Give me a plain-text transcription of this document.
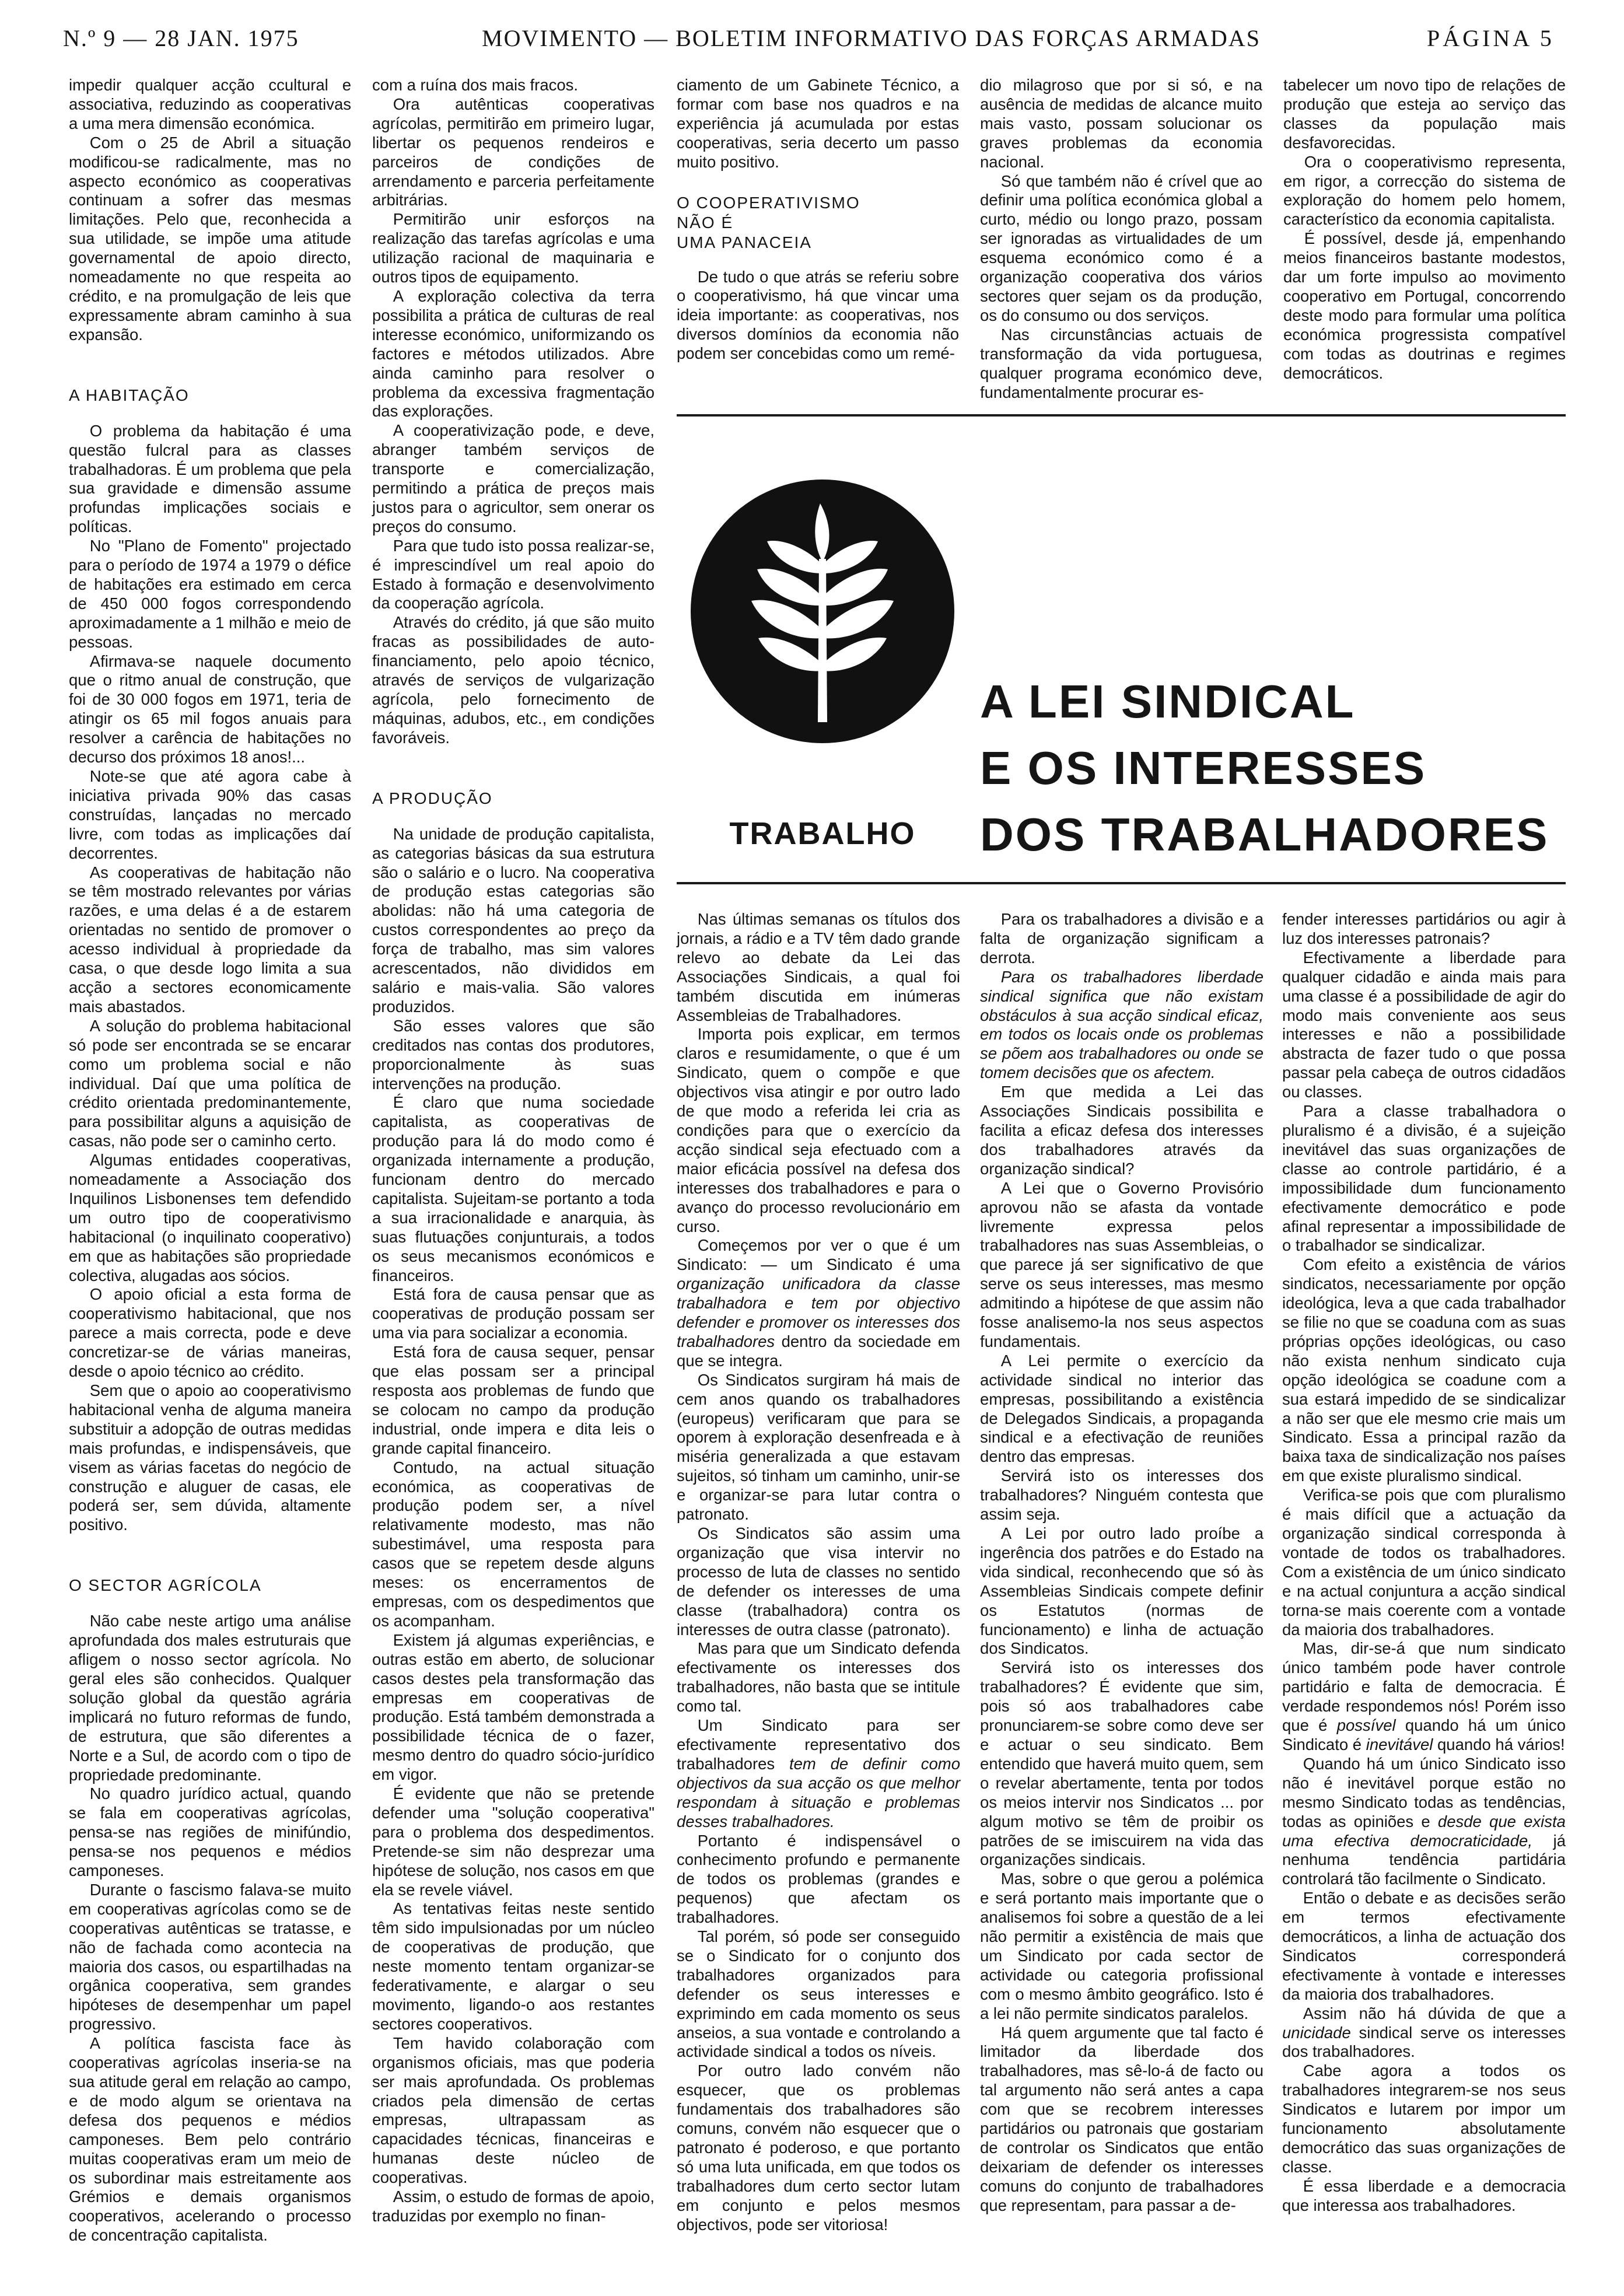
N.º 9 — 28 JAN. 1975	MOVIMENTO — BOLETIM INFORMATIVO DAS FORÇAS ARMADAS	PÁGINA 5

impedir qualquer acção ccultural e associativa, reduzindo as cooperativas a uma mera dimensão económica.

Com o 25 de Abril a situação modificou-se radicalmente, mas no aspecto económico as cooperativas continuam a sofrer das mesmas limitações. Pelo que, reconhecida a sua utilidade, se impõe uma atitude governamental de apoio directo, nomeadamente no que respeita ao crédito, e na promulgação de leis que expressamente abram caminho à sua expansão.

A HABITAÇÃO

O problema da habitação é uma questão fulcral para as classes trabalhadoras. É um problema que pela sua gravidade e dimensão assume profundas implicações sociais e políticas.

No "Plano de Fomento" projectado para o período de 1974 a 1979 o défice de habitações era estimado em cerca de 450 000 fogos correspondendo aproximadamente a 1 milhão e meio de pessoas.

Afirmava-se naquele documento que o ritmo anual de construção, que foi de 30 000 fogos em 1971, teria de atingir os 65 mil fogos anuais para resolver a carência de habitações no decurso dos próximos 18 anos!...

Note-se que até agora cabe à iniciativa privada 90% das casas construídas, lançadas no mercado livre, com todas as implicações daí decorrentes.

As cooperativas de habitação não se têm mostrado relevantes por várias razões, e uma delas é a de estarem orientadas no sentido de promover o acesso individual à propriedade da casa, o que desde logo limita a sua acção a sectores economicamente mais abastados.

A solução do problema habitacional só pode ser encontrada se se encarar como um problema social e não individual. Daí que uma política de crédito orientada predominantemente, para possibilitar alguns a aquisição de casas, não pode ser o caminho certo.

Algumas entidades cooperativas, nomeadamente a Associação dos Inquilinos Lisbonenses tem defendido um outro tipo de cooperativismo habitacional (o inquilinato cooperativo) em que as habitações são propriedade colectiva, alugadas aos sócios.

O apoio oficial a esta forma de cooperativismo habitacional, que nos parece a mais correcta, pode e deve concretizar-se de várias maneiras, desde o apoio técnico ao crédito.

Sem que o apoio ao cooperativismo habitacional venha de alguma maneira substituir a adopção de outras medidas mais profundas, e indispensáveis, que visem as várias facetas do negócio de construção e aluguer de casas, ele poderá ser, sem dúvida, altamente positivo.

O SECTOR AGRÍCOLA

Não cabe neste artigo uma análise aprofundada dos males estruturais que afligem o nosso sector agrícola. No geral eles são conhecidos. Qualquer solução global da questão agrária implicará no futuro reformas de fundo, de estrutura, que são diferentes a Norte e a Sul, de acordo com o tipo de propriedade predominante.

No quadro jurídico actual, quando se fala em cooperativas agrícolas, pensa-se nas regiões de minifúndio, pensa-se nos pequenos e médios camponeses.

Durante o fascismo falava-se muito em cooperativas agrícolas como se de cooperativas autênticas se tratasse, e não de fachada como acontecia na maioria dos casos, ou espartilhadas na orgânica cooperativa, sem grandes hipóteses de desempenhar um papel progressivo.

A política fascista face às cooperativas agrícolas inseria-se na sua atitude geral em relação ao campo, e de modo algum se orientava na defesa dos pequenos e médios camponeses. Bem pelo contrário muitas cooperativas eram um meio de os subordinar mais estreitamente aos Grémios e demais organismos cooperativos, acelerando o processo de concentração capitalista.

com a ruína dos mais fracos.

Ora autênticas cooperativas agrícolas, permitirão em primeiro lugar, libertar os pequenos rendeiros e parceiros de condições de arrendamento e parceria perfeitamente arbitrárias.

Permitirão unir esforços na realização das tarefas agrícolas e uma utilização racional de maquinaria e outros tipos de equipamento.

A exploração colectiva da terra possibilita a prática de culturas de real interesse económico, uniformizando os factores e métodos utilizados. Abre ainda caminho para resolver o problema da excessiva fragmentação das explorações.

A cooperativização pode, e deve, abranger também serviços de transporte e comercialização, permitindo a prática de preços mais justos para o agricultor, sem onerar os preços do consumo.

Para que tudo isto possa realizar-se, é imprescindível um real apoio do Estado à formação e desenvolvimento da cooperação agrícola.

Através do crédito, já que são muito fracas as possibilidades de auto-financiamento, pelo apoio técnico, através de serviços de vulgarização agrícola, pelo fornecimento de máquinas, adubos, etc., em condições favoráveis.

A PRODUÇÃO

Na unidade de produção capitalista, as categorias básicas da sua estrutura são o salário e o lucro. Na cooperativa de produção estas categorias são abolidas: não há uma categoria de custos correspondentes ao preço da força de trabalho, mas sim valores acrescentados, não divididos em salário e mais-valia. São valores produzidos.

São esses valores que são creditados nas contas dos produtores, proporcionalmente às suas intervenções na produção.

É claro que numa sociedade capitalista, as cooperativas de produção para lá do modo como é organizada internamente a produção, funcionam dentro do mercado capitalista. Sujeitam-se portanto a toda a sua irracionalidade e anarquia, às suas flutuações conjunturais, a todos os seus mecanismos económicos e financeiros.

Está fora de causa pensar que as cooperativas de produção possam ser uma via para socializar a economia.

Está fora de causa sequer, pensar que elas possam ser a principal resposta aos problemas de fundo que se colocam no campo da produção industrial, onde impera e dita leis o grande capital financeiro.

Contudo, na actual situação económica, as cooperativas de produção podem ser, a nível relativamente modesto, mas não subestimável, uma resposta para casos que se repetem desde alguns meses: os encerramentos de empresas, com os despedimentos que os acompanham.

Existem já algumas experiências, e outras estão em aberto, de solucionar casos destes pela transformação das empresas em cooperativas de produção. Está também demonstrada a possibilidade técnica de o fazer, mesmo dentro do quadro sócio-jurídico em vigor.

É evidente que não se pretende defender uma "solução cooperativa" para o problema dos despedimentos. Pretende-se sim não desprezar uma hipótese de solução, nos casos em que ela se revele viável.

As tentativas feitas neste sentido têm sido impulsionadas por um núcleo de cooperativas de produção, que neste momento tentam organizar-se federativamente, e alargar o seu movimento, ligando-o aos restantes sectores cooperativos.

Tem havido colaboração com organismos oficiais, mas que poderia ser mais aprofundada. Os problemas criados pela dimensão de certas empresas, ultrapassam as capacidades técnicas, financeiras e humanas deste núcleo de cooperativas.

Assim, o estudo de formas de apoio, traduzidas por exemplo no finan-

ciamento de um Gabinete Técnico, a formar com base nos quadros e na experiência já acumulada por estas cooperativas, seria decerto um passo muito positivo.

O COOPERATIVISMO
NÃO É
UMA PANACEIA

De tudo o que atrás se referiu sobre o cooperativismo, há que vincar uma ideia importante: as cooperativas, nos diversos domínios da economia não podem ser concebidas como um remé-

dio milagroso que por si só, e na ausência de medidas de alcance muito mais vasto, possam solucionar os graves problemas da economia nacional.

Só que também não é crível que ao definir uma política económica global a curto, médio ou longo prazo, possam ser ignoradas as virtualidades de um esquema económico como é a organização cooperativa dos vários sectores quer sejam os da produção, os do consumo ou dos serviços.

Nas circunstâncias actuais de transformação da vida portuguesa, qualquer programa económico deve, fundamentalmente procurar es-

tabelecer um novo tipo de relações de produção que esteja ao serviço das classes da população mais desfavorecidas.

Ora o cooperativismo representa, em rigor, a correcção do sistema de exploração do homem pelo homem, característico da economia capitalista.

É possível, desde já, empenhando meios financeiros bastante modestos, dar um forte impulso ao movimento cooperativo em Portugal, concorrendo deste modo para formular uma política económica progressista compatível com todas as doutrinas e regimes democráticos.

TRABALHO
A LEI SINDICAL
E OS INTERESSES
DOS TRABALHADORES

Nas últimas semanas os títulos dos jornais, a rádio e a TV têm dado grande relevo ao debate da Lei das Associações Sindicais, a qual foi também discutida em inúmeras Assembleias de Trabalhadores.

Importa pois explicar, em termos claros e resumidamente, o que é um Sindicato, quem o compõe e que objectivos visa atingir e por outro lado de que modo a referida lei cria as condições para que o exercício da acção sindical seja efectuado com a maior eficácia possível na defesa dos interesses dos trabalhadores e para o avanço do processo revolucionário em curso.

Começemos por ver o que é um Sindicato: — um Sindicato é uma organização unificadora da classe trabalhadora e tem por objectivo defender e promover os interesses dos trabalhadores dentro da sociedade em que se integra.

Os Sindicatos surgiram há mais de cem anos quando os trabalhadores (europeus) verificaram que para se oporem à exploração desenfreada e à miséria generalizada a que estavam sujeitos, só tinham um caminho, unir-se e organizar-se para lutar contra o patronato.

Os Sindicatos são assim uma organização que visa intervir no processo de luta de classes no sentido de defender os interesses de uma classe (trabalhadora) contra os interesses de outra classe (patronato).

Mas para que um Sindicato defenda efectivamente os interesses dos trabalhadores, não basta que se intitule como tal.

Um Sindicato para ser efectivamente representativo dos trabalhadores tem de definir como objectivos da sua acção os que melhor respondam à situação e problemas desses trabalhadores.

Portanto é indispensável o conhecimento profundo e permanente de todos os problemas (grandes e pequenos) que afectam os trabalhadores.

Tal porém, só pode ser conseguido se o Sindicato for o conjunto dos trabalhadores organizados para defender os seus interesses e exprimindo em cada momento os seus anseios, a sua vontade e controlando a actividade sindical a todos os níveis.

Por outro lado convém não esquecer, que os problemas fundamentais dos trabalhadores são comuns, convém não esquecer que o patronato é poderoso, e que portanto só uma luta unificada, em que todos os trabalhadores dum certo sector lutam em conjunto e pelos mesmos objectivos, pode ser vitoriosa!

Para os trabalhadores a divisão e a falta de organização significam a derrota.

Para os trabalhadores liberdade sindical significa que não existam obstáculos à sua acção sindical eficaz, em todos os locais onde os problemas se põem aos trabalhadores ou onde se tomem decisões que os afectem.

Em que medida a Lei das Associações Sindicais possibilita e facilita a eficaz defesa dos interesses dos trabalhadores através da organização sindical?

A Lei que o Governo Provisório aprovou não se afasta da vontade livremente expressa pelos trabalhadores nas suas Assembleias, o que parece já ser significativo de que serve os seus interesses, mas mesmo admitindo a hipótese de que assim não fosse analisemo-la nos seus aspectos fundamentais.

A Lei permite o exercício da actividade sindical no interior das empresas, possibilitando a existência de Delegados Sindicais, a propaganda sindical e a efectivação de reuniões dentro das empresas.

Servirá isto os interesses dos trabalhadores? Ninguém contesta que assim seja.

A Lei por outro lado proíbe a ingerência dos patrões e do Estado na vida sindical, reconhecendo que só às Assembleias Sindicais compete definir os Estatutos (normas de funcionamento) e linha de actuação dos Sindicatos.

Servirá isto os interesses dos trabalhadores? É evidente que sim, pois só aos trabalhadores cabe pronunciarem-se sobre como deve ser e actuar o seu sindicato. Bem entendido que haverá muito quem, sem o revelar abertamente, tenta por todos os meios intervir nos Sindicatos ... por algum motivo se têm de proibir os patrões de se imiscuirem na vida das organizações sindicais.

Mas, sobre o que gerou a polémica e será portanto mais importante que o analisemos foi sobre a questão de a lei não permitir a existência de mais que um Sindicato por cada sector de actividade ou categoria profissional com o mesmo âmbito geográfico. Isto é a lei não permite sindicatos paralelos.

Há quem argumente que tal facto é limitador da liberdade dos trabalhadores, mas sê-lo-á de facto ou tal argumento não será antes a capa com que se recobrem interesses partidários ou patronais que gostariam de controlar os Sindicatos que então deixariam de defender os interesses comuns do conjunto de trabalhadores que representam, para passar a de-

fender interesses partidários ou agir à luz dos interesses patronais?

Efectivamente a liberdade para qualquer cidadão e ainda mais para uma classe é a possibilidade de agir do modo mais conveniente aos seus interesses e não a possibilidade abstracta de fazer tudo o que possa passar pela cabeça de outros cidadãos ou classes.

Para a classe trabalhadora o pluralismo é a divisão, é a sujeição inevitável das suas organizações de classe ao controle partidário, é a impossibilidade dum funcionamento efectivamente democrático e pode afinal representar a impossibilidade de o trabalhador se sindicalizar.

Com efeito a existência de vários sindicatos, necessariamente por opção ideológica, leva a que cada trabalhador se filie no que se coaduna com as suas próprias opções ideológicas, ou caso não exista nenhum sindicato cuja opção ideológica se coadune com a sua estará impedido de se sindicalizar a não ser que ele mesmo crie mais um Sindicato. Essa a principal razão da baixa taxa de sindicalização nos países em que existe pluralismo sindical.

Verifica-se pois que com pluralismo é mais difícil que a actuação da organização sindical corresponda à vontade de todos os trabalhadores. Com a existência de um único sindicato e na actual conjuntura a acção sindical torna-se mais coerente com a vontade da maioria dos trabalhadores.

Mas, dir-se-á que num sindicato único também pode haver controle partidário e falta de democracia. É verdade respondemos nós! Porém isso que é possível quando há um único Sindicato é inevitável quando há vários!

Quando há um único Sindicato isso não é inevitável porque estão no mesmo Sindicato todas as tendências, todas as opiniões e desde que exista uma efectiva democraticidade, já nenhuma tendência partidária controlará tão facilmente o Sindicato.

Então o debate e as decisões serão em termos efectivamente democráticos, a linha de actuação dos Sindicatos corresponderá efectivamente à vontade e interesses da maioria dos trabalhadores.

Assim não há dúvida de que a unicidade sindical serve os interesses dos trabalhadores.

Cabe agora a todos os trabalhadores integrarem-se nos seus Sindicatos e lutarem por impor um funcionamento absolutamente democrático das suas organizações de classe.

É essa liberdade e a democracia que interessa aos trabalhadores.
